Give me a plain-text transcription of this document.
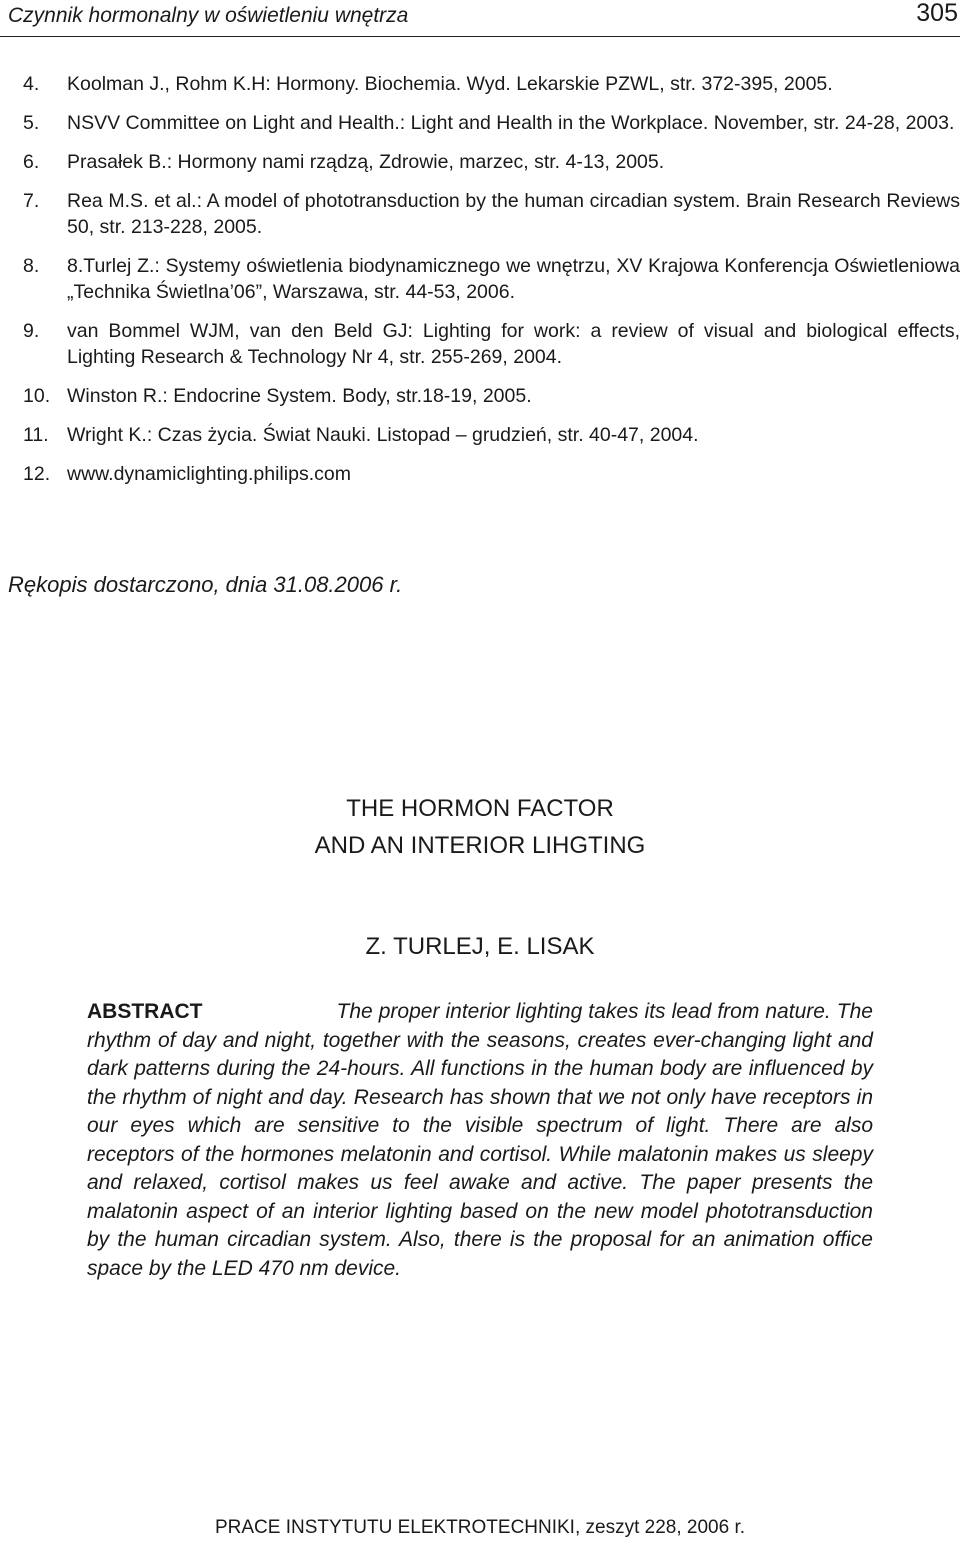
Czynnik hormonalny w oświetleniu wnętrza	305
4.	Koolman J., Rohm K.H: Hormony. Biochemia. Wyd. Lekarskie PZWL, str. 372-395, 2005.
5.	NSVV Committee on Light and Health.: Light and Health in the Workplace. November, str. 24-28, 2003.
6.	Prasałek B.: Hormony nami rządzą, Zdrowie, marzec, str. 4-13, 2005.
7.	Rea M.S. et al.: A model of phototransduction by the human circadian system. Brain Research Reviews 50, str. 213-228, 2005.
8.	8.Turlej Z.: Systemy oświetlenia biodynamicznego we wnętrzu, XV Krajowa Konferencja Oświetleniowa „Technika Świetlna’06”, Warszawa, str. 44-53, 2006.
9.	van Bommel WJM, van den Beld GJ: Lighting for work: a review of visual and biological effects, Lighting Research & Technology Nr 4, str. 255-269, 2004.
10. Winston R.: Endocrine System. Body, str.18-19, 2005.
11. Wright K.: Czas życia. Świat Nauki. Listopad – grudzień, str. 40-47, 2004.
12. www.dynamiclighting.philips.com
Rękopis dostarczono, dnia 31.08.2006 r.
THE HORMON FACTOR
AND AN INTERIOR LIHGTING
Z. TURLEJ, E. LISAK
ABSTRACT	The proper interior lighting takes its lead from nature. The rhythm of day and night, together with the seasons, creates ever-changing light and dark patterns during the 24-hours. All functions in the human body are influenced by the rhythm of night and day. Research has shown that we not only have receptors in our eyes which are sensitive to the visible spectrum of light. There are also receptors of the hormones melatonin and cortisol. While malatonin makes us sleepy and relaxed, cortisol makes us feel awake and active. The paper presents the malatonin aspect of an interior lighting based on the new model phototransduction by the human circadian system. Also, there is the proposal for an animation office space by the LED 470 nm device.
PRACE INSTYTUTU ELEKTROTECHNIKI, zeszyt 228, 2006 r.
